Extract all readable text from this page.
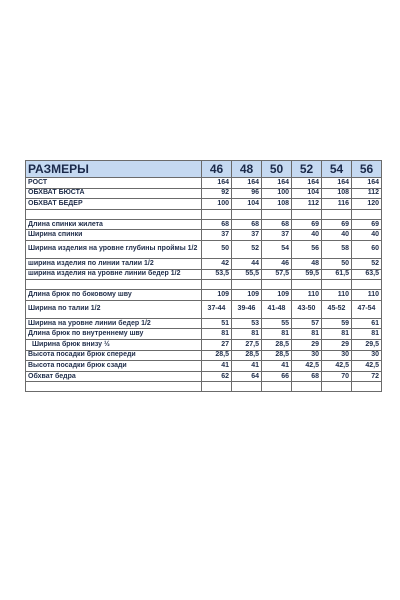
РАЗМЕРЫ	46	48	50	52	54	56
РОСТ	164	164	164	164	164	164
ОБХВАТ БЮСТА	92	96	100	104	108	112
ОБХВАТ БЕДЕР	100	104	108	112	116	120

Длина спинки жилета	68	68	68	69	69	69
Ширина спинки	37	37	37	40	40	40
Ширина изделия на уровне глубины проймы 1/2	50	52	54	56	58	60
ширина изделия по линии талии 1/2	42	44	46	48	50	52
ширина изделия на уровне линии бедер 1/2	53,5	55,5	57,5	59,5	61,5	63,5

Длина брюк по боковому шву	109	109	109	110	110	110
Ширина по талии 1/2	37-44	39-46	41-48	43-50	45-52	47-54
Ширина на уровне линии бедер 1/2	51	53	55	57	59	61
Длина брюк по внутреннему шву	81	81	81	81	81	81
Ширина брюк внизу ½	27	27,5	28,5	29	29	29,5
Высота посадки брюк спереди	28,5	28,5	28,5	30	30	30
Высота посадки брюк сзади	41	41	41	42,5	42,5	42,5
Обхват бедра	62	64	66	68	70	72
